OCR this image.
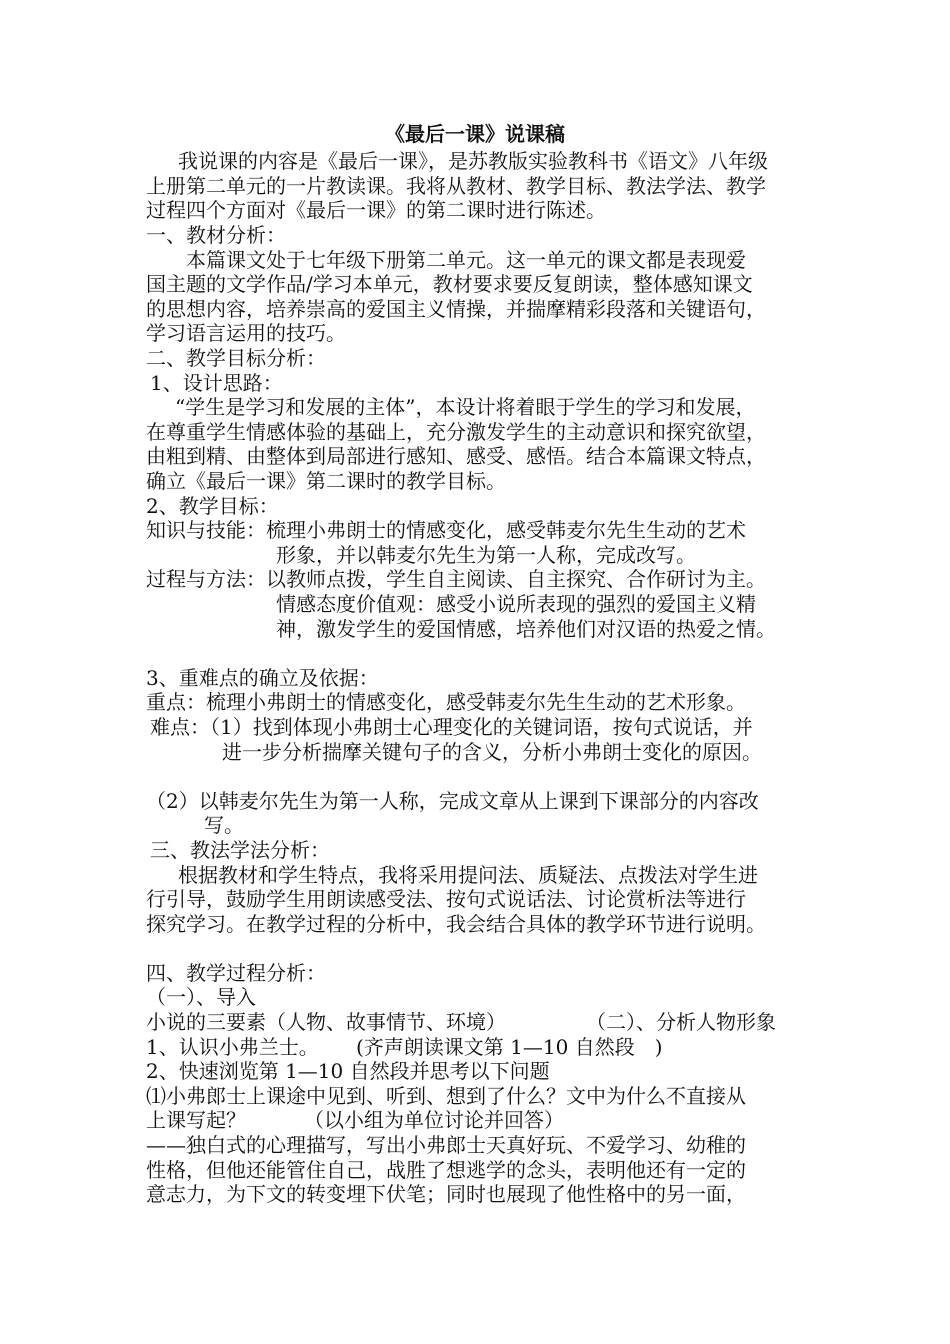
《最后一课》说课稿
我说课的内容是《最后一课》，是苏教版实验教科书《语文》八年级
上册第二单元的一片教读课。我将从教材、教学目标、教法学法、教学
过程四个方面对《最后一课》的第二课时进行陈述。
一、教材分析：
本篇课文处于七年级下册第二单元。这一单元的课文都是表现爱
国主题的文学作品/学习本单元，教材要求要反复朗读，整体感知课文
的思想内容，培养崇高的爱国主义情操，并揣摩精彩段落和关键语句，
学习语言运用的技巧。
二、教学目标分析：
1、设计思路：
“学生是学习和发展的主体”，本设计将着眼于学生的学习和发展，
在尊重学生情感体验的基础上，充分激发学生的主动意识和探究欲望，
由粗到精、由整体到局部进行感知、感受、感悟。结合本篇课文特点，
确立《最后一课》第二课时的教学目标。
2、教学目标：
知识与技能：梳理小弗朗士的情感变化，感受韩麦尔先生生动的艺术
形象，并以韩麦尔先生为第一人称，完成改写。
过程与方法：以教师点拨，学生自主阅读、自主探究、合作研讨为主。
情感态度价值观：感受小说所表现的强烈的爱国主义精
神，激发学生的爱国情感，培养他们对汉语的热爱之情。
3、重难点的确立及依据：
重点：梳理小弗朗士的情感变化，感受韩麦尔先生生动的艺术形象。
难点：（1）找到体现小弗朗士心理变化的关键词语，按句式说话，并
进一步分析揣摩关键句子的含义，分析小弗朗士变化的原因。
（2）以韩麦尔先生为第一人称，完成文章从上课到下课部分的内容改
写。
三、教法学法分析：
根据教材和学生特点，我将采用提问法、质疑法、点拨法对学生进
行引导，鼓励学生用朗读感受法、按句式说话法、讨论赏析法等进行
探究学习。在教学过程的分析中，我会结合具体的教学环节进行说明。
四、教学过程分析：
（一）、导入
小说的三要素（人物、故事情节、环境）	（二）、分析人物形象
1、认识小弗兰士。 (齐声朗读课文第 1—10 自然段　)
2、快速浏览第 1—10 自然段并思考以下问题
⑴小弗郎士上课途中见到、听到、想到了什么？文中为什么不直接从
上课写起？	（以小组为单位讨论并回答）
——独白式的心理描写，写出小弗郎士天真好玩、不爱学习、幼稚的
性格，但他还能管住自己，战胜了想逃学的念头，表明他还有一定的
意志力，为下文的转变埋下伏笔；同时也展现了他性格中的另一面，
